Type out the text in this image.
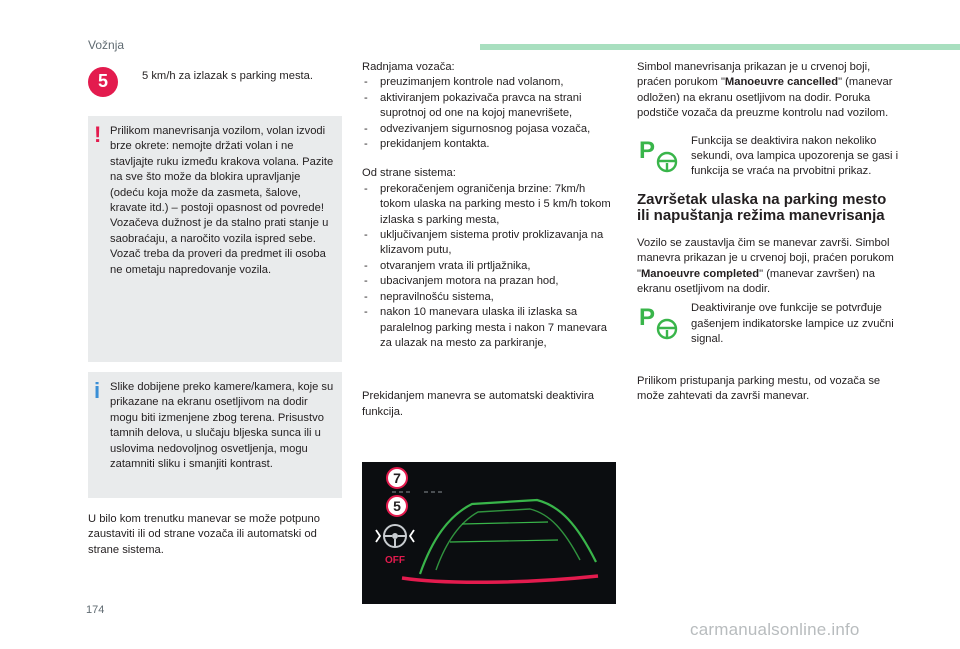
Vožnja
5	5 km/h za izlazak s parking mesta.
! Prilikom manevrisanja vozilom, volan izvodi brze okrete: nemojte držati volan i ne stavljajte ruku između krakova volana. Pazite na sve što može da blokira upravljanje (odeću koja može da zasmeta, šalove, kravate itd.) – postoji opasnost od povrede!

Vozačeva dužnost je da stalno prati stanje u saobraćaju, a naročito vozila ispred sebe.

Vozač treba da proveri da predmet ili osoba ne ometaju napredovanje vozila.

i Slike dobijene preko kamere/kamera, koje su prikazane na ekranu osetljivom na dodir mogu biti izmenjene zbog terena. Prisustvo tamnih delova, u slučaju bljeska sunca ili u uslovima nedovoljnog osvetljenja, mogu zatamniti sliku i smanjiti kontrast.

U bilo kom trenutku manevar se može potpuno zaustaviti ili od strane vozača ili automatski od strane sistema.

Radnjama vozača:

- preuzimanjem kontrole nad volanom,
- aktiviranjem pokazivača pravca na strani suprotnoj od one na kojoj manevrišete,
- odvezivanjem sigurnosnog pojasa vozača,
- prekidanjem kontakta.

Od strane sistema:

- prekoračenjem ograničenja brzine: 7km/h tokom ulaska na parking mesto i 5 km/h tokom izlaska s parking mesta,
- uključivanjem sistema protiv proklizavanja na klizavom putu,
- otvaranjem vrata ili prtljažnika,
- ubacivanjem motora na prazan hod,
- nepravilnošću sistema,
- nakon 10 manevara ulaska ili izlaska sa paralelnog parking mesta i nakon 7 manevara za ulazak na mesto za parkiranje,

Prekidanjem manevra se automatski deaktivira funkcija.

7
5
OFF

Simbol manevrisanja prikazan je u crvenoj boji, praćen porukom "Manoeuvre cancelled" (manevar odložen) na ekranu osetljivom na dodir. Poruka podstiče vozača da preuzme kontrolu nad vozilom.

P	Funkcija se deaktivira nakon nekoliko sekundi, ova lampica upozorenja se gasi i funkcija se vraća na prvobitni prikaz.
Završetak ulaska na parking mesto ili napuštanja režima manevrisanja

Vozilo se zaustavlja čim se manevar završi. Simbol manevra prikazan je u crvenoj boji, praćen porukom "Manoeuvre completed" (manevar završen) na ekranu osetljivom na dodir.

P	Deaktiviranje ove funkcije se potvrđuje gašenjem indikatorske lampice uz zvučni signal.

Prilikom pristupanja parking mestu, od vozača se može zahtevati da završi manevar.

174
carmanualsonline.info
